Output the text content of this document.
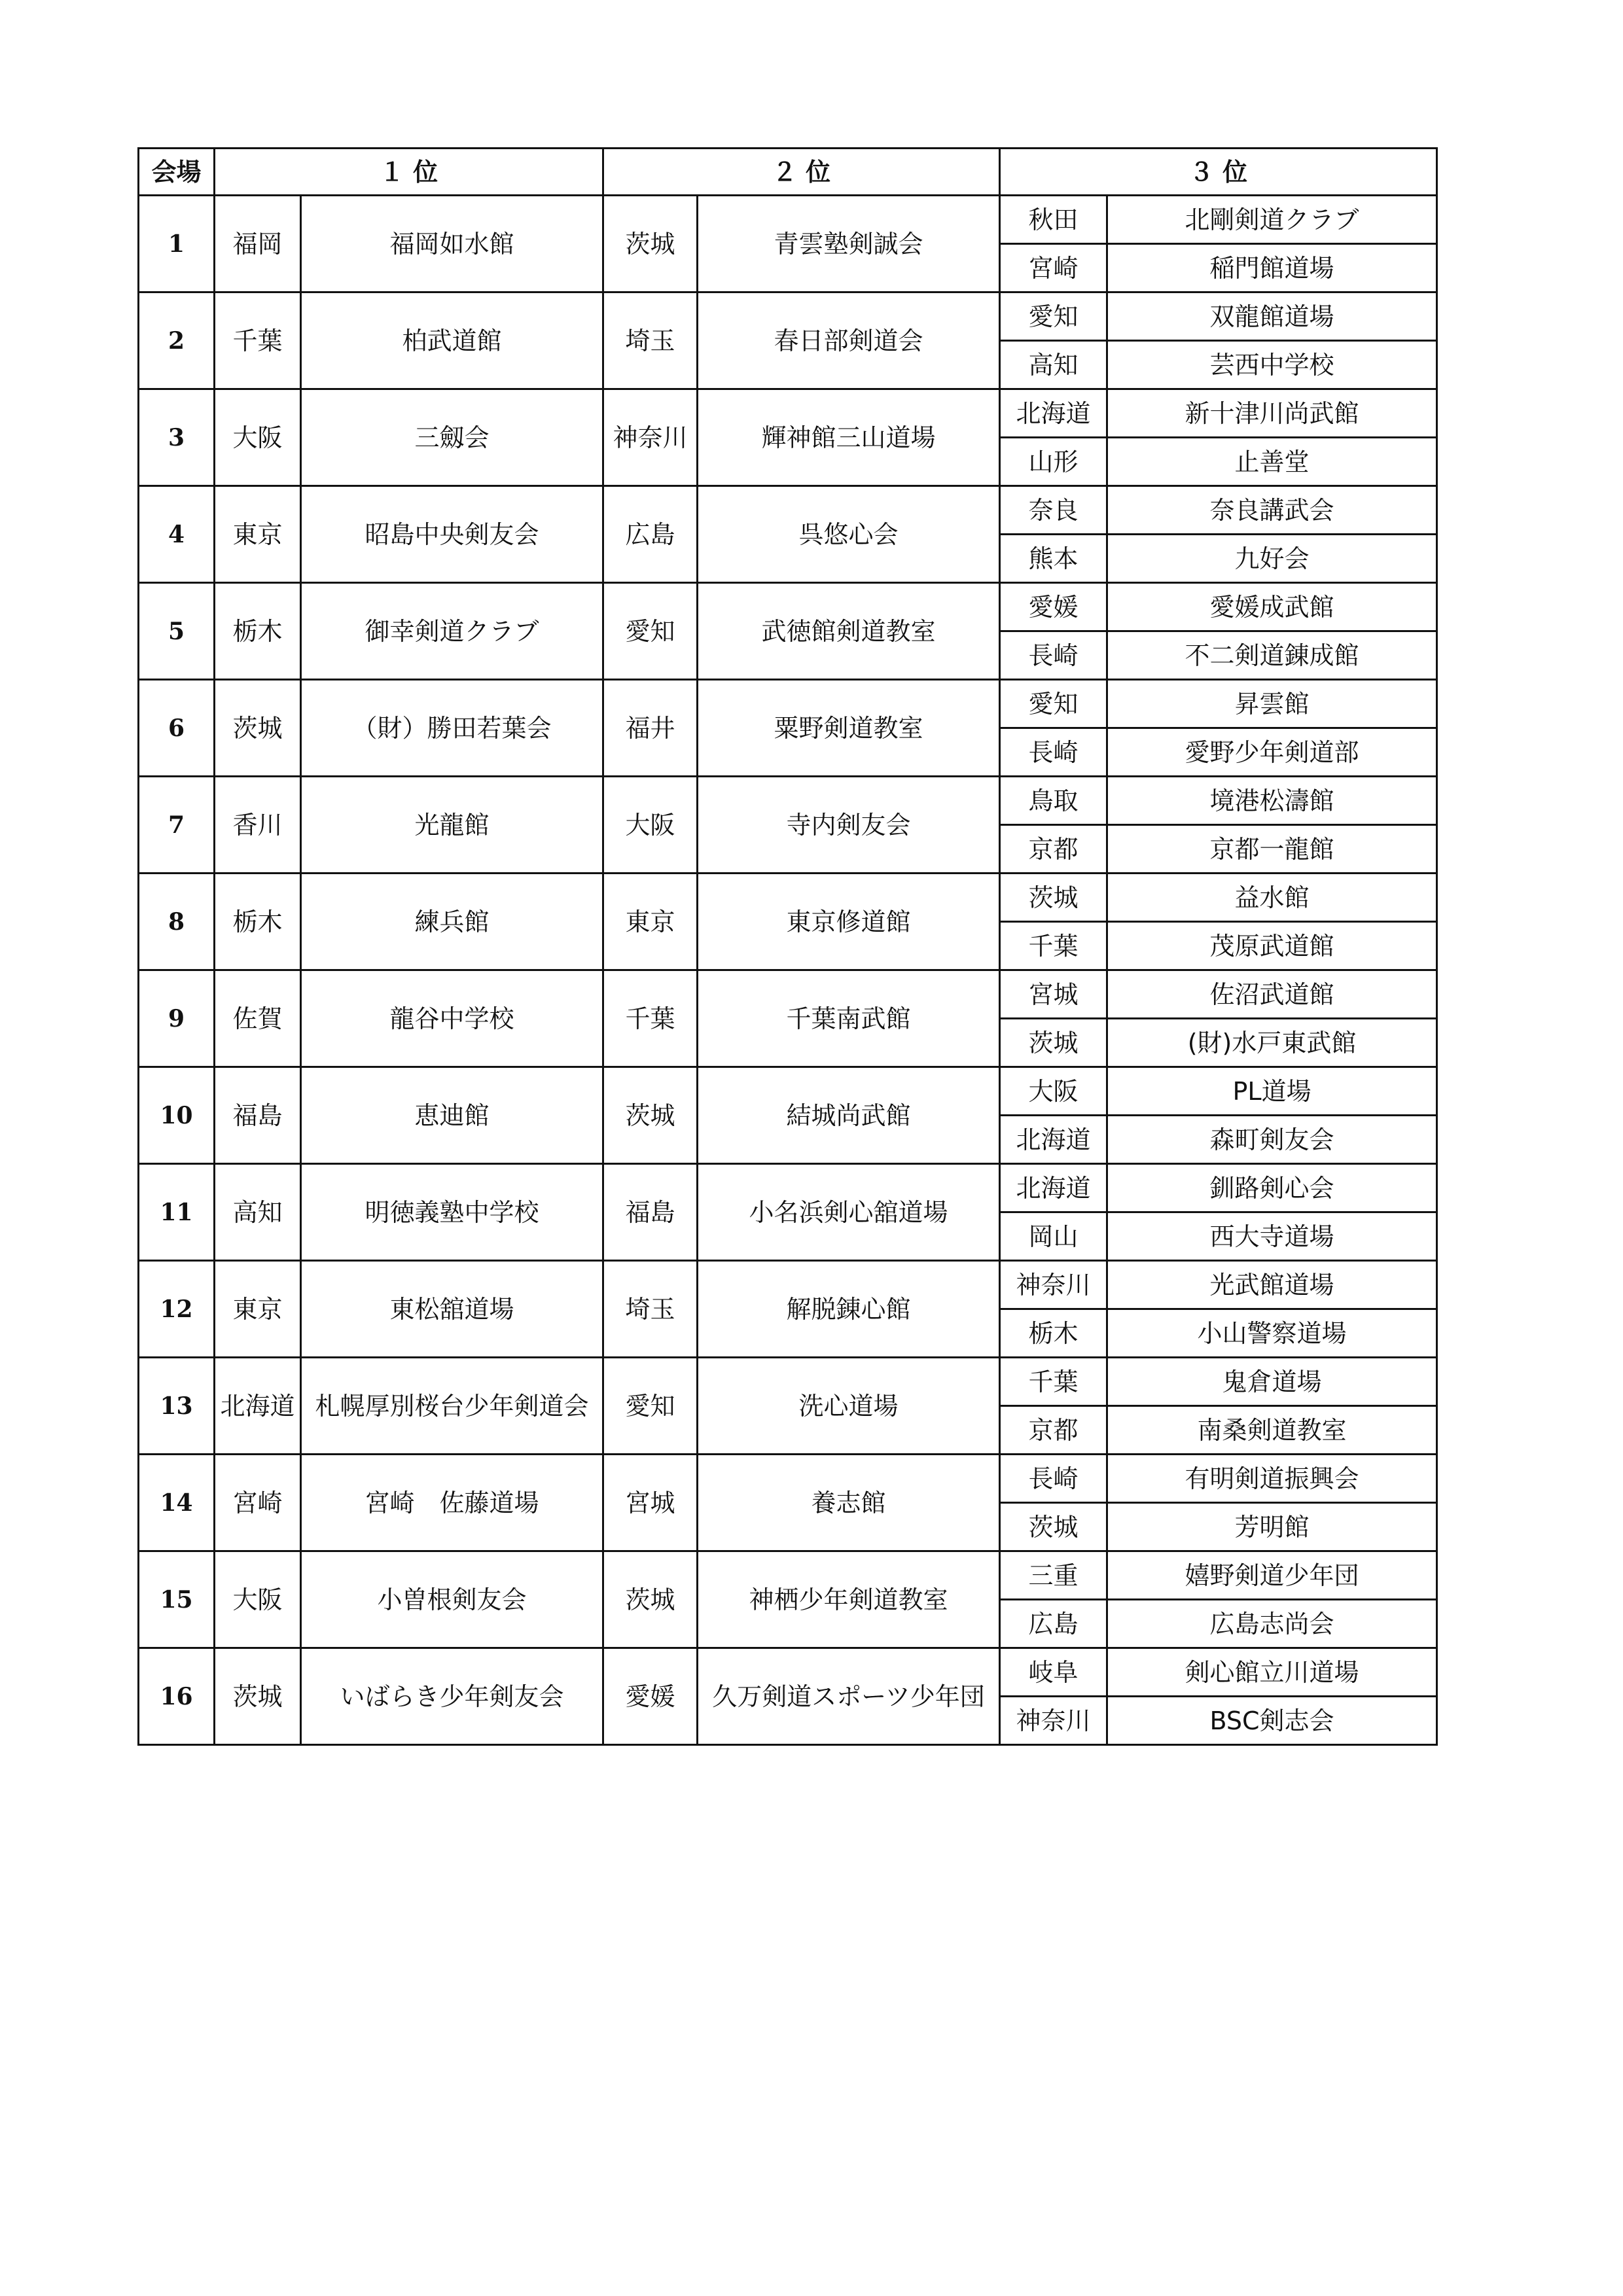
会場	１ 位		２ 位		３ 位	
1	福岡	福岡如水館	茨城	青雲塾剣誠会	秋田	北剛剣道クラブ
					宮崎	稲門館道場
2	千葉	柏武道館	埼玉	春日部剣道会	愛知	双龍館道場
					高知	芸西中学校
3	大阪	三劔会	神奈川	輝神館三山道場	北海道	新十津川尚武館
					山形	止善堂
4	東京	昭島中央剣友会	広島	呉悠心会	奈良	奈良講武会
					熊本	九好会
5	栃木	御幸剣道クラブ	愛知	武徳館剣道教室	愛媛	愛媛成武館
					長崎	不二剣道錬成館
6	茨城	（財）勝田若葉会	福井	粟野剣道教室	愛知	昇雲館
					長崎	愛野少年剣道部
7	香川	光龍館	大阪	寺内剣友会	鳥取	境港松濤館
					京都	京都一龍館
8	栃木	練兵館	東京	東京修道館	茨城	益水館
					千葉	茂原武道館
9	佐賀	龍谷中学校	千葉	千葉南武館	宮城	佐沼武道館
					茨城	(財)水戸東武館
10	福島	恵迪館	茨城	結城尚武館	大阪	PL道場
					北海道	森町剣友会
11	高知	明徳義塾中学校	福島	小名浜剣心舘道場	北海道	釧路剣心会
					岡山	西大寺道場
12	東京	東松舘道場	埼玉	解脱錬心館	神奈川	光武館道場
					栃木	小山警察道場
13	北海道	札幌厚別桜台少年剣道会	愛知	洗心道場	千葉	鬼倉道場
					京都	南桑剣道教室
14	宮崎	宮崎　佐藤道場	宮城	養志館	長崎	有明剣道振興会
					茨城	芳明館
15	大阪	小曽根剣友会	茨城	神栖少年剣道教室	三重	嬉野剣道少年団
					広島	広島志尚会
16	茨城	いばらき少年剣友会	愛媛	久万剣道スポーツ少年団	岐阜	剣心館立川道場
					神奈川	BSC剣志会
